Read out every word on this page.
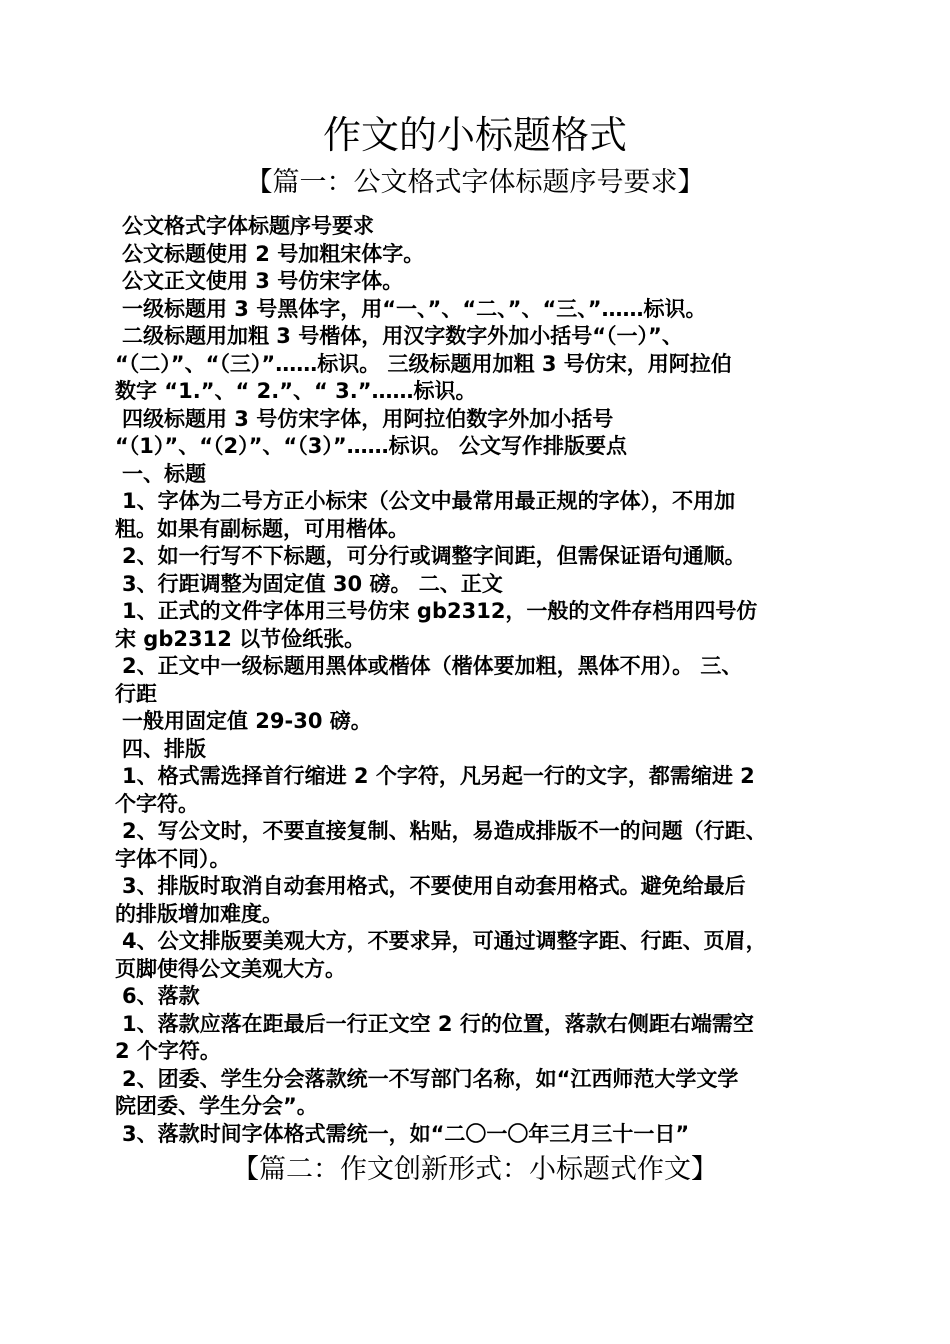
作文的小标题格式
【篇一：公文格式字体标题序号要求】

公文格式字体标题序号要求

公文标题使用 2 号加粗宋体字。

公文正文使用 3 号仿宋字体。

一级标题用 3 号黑体字，用“一、”、“二、”、“三、”……标识。

二级标题用加粗 3 号楷体，用汉字数字外加小括号“（一）”、

“（二）”、“（三）”……标识。 三级标题用加粗 3 号仿宋，用阿拉伯

数字 “1.”、“ 2.”、“ 3.”……标识。

四级标题用 3 号仿宋字体，用阿拉伯数字外加小括号

“（1）”、“（2）”、“（3）”……标识。 公文写作排版要点

一、标题

1、字体为二号方正小标宋（公文中最常用最正规的字体），不用加

粗。如果有副标题，可用楷体。

2、如一行写不下标题，可分行或调整字间距，但需保证语句通顺。

3、行距调整为固定值 30 磅。 二、正文

1、正式的文件字体用三号仿宋 gb2312，一般的文件存档用四号仿

宋 gb2312 以节俭纸张。

2、正文中一级标题用黑体或楷体（楷体要加粗，黑体不用）。 三、

行距

一般用固定值 29-30 磅。

四、排版

1、格式需选择首行缩进 2 个字符，凡另起一行的文字，都需缩进 2

个字符。

2、写公文时，不要直接复制、粘贴，易造成排版不一的问题（行距、

字体不同）。

3、排版时取消自动套用格式，不要使用自动套用格式。避免给最后

的排版增加难度。

4、公文排版要美观大方，不要求异，可通过调整字距、行距、页眉，

页脚使得公文美观大方。

6、落款

1、落款应落在距最后一行正文空 2 行的位置，落款右侧距右端需空

2 个字符。

2、团委、学生分会落款统一不写部门名称，如“江西师范大学文学

院团委、学生分会”。

3、落款时间字体格式需统一，如“二〇一〇年三月三十一日”

【篇二：作文创新形式：小标题式作文】
